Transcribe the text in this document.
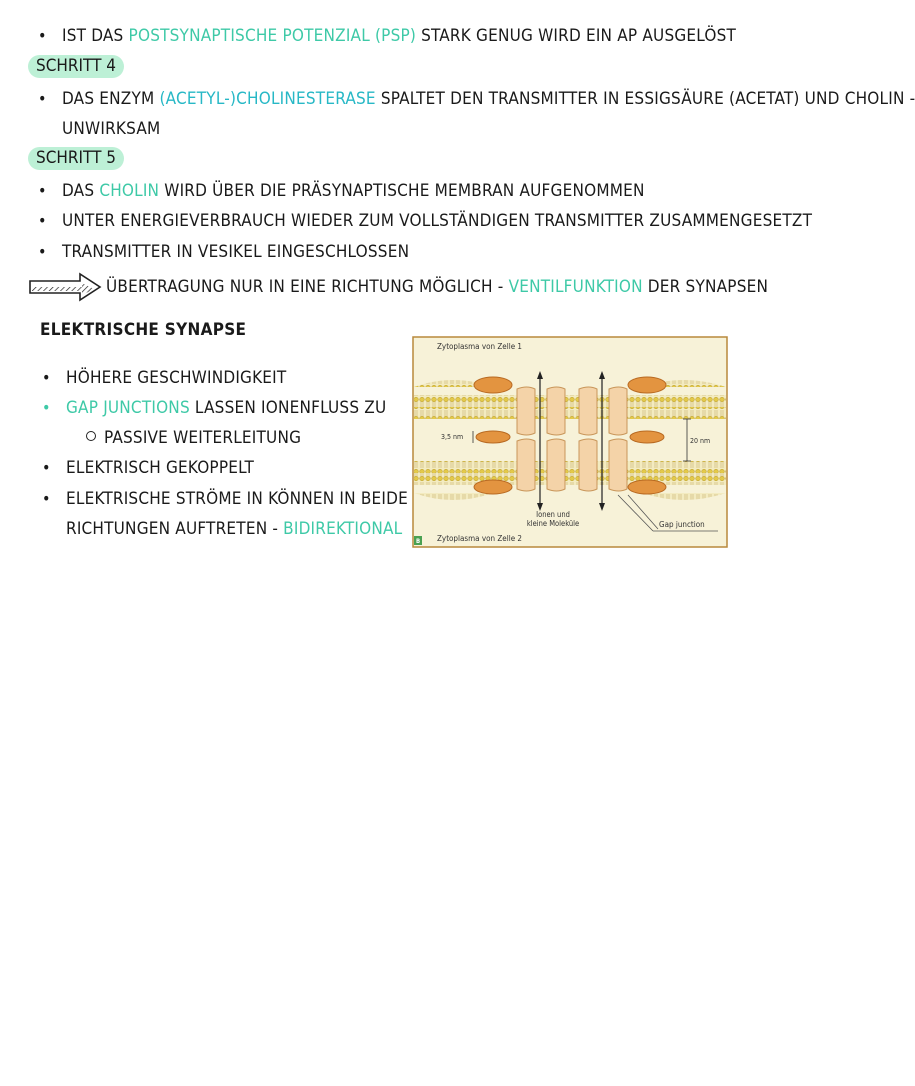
• IST DAS POSTSYNAPTISCHE POTENZIAL (PSP) STARK GENUG WIRD EIN AP AUSGELÖST
SCHRITT 4
• DAS ENZYM (ACETYL-)CHOLINESTERASE SPALTET DEN TRANSMITTER IN ESSIGSÄURE (ACETAT) UND CHOLIN -
UNWIRKSAM
SCHRITT 5
• DAS CHOLIN WIRD ÜBER DIE PRÄSYNAPTISCHE MEMBRAN AUFGENOMMEN
• UNTER ENERGIEVERBRAUCH WIEDER ZUM VOLLSTÄNDIGEN TRANSMITTER ZUSAMMENGESETZT
• TRANSMITTER IN VESIKEL EINGESCHLOSSEN
ÜBERTRAGUNG NUR IN EINE RICHTUNG MÖGLICH - VENTILFUNKTION DER SYNAPSEN
ELEKTRISCHE SYNAPSE
• HÖHERE GESCHWINDIGKEIT
• GAP JUNCTIONS LASSEN IONENFLUSS ZU
PASSIVE WEITERLEITUNG
• ELEKTRISCH GEKOPPELT
• ELEKTRISCHE STRÖME IN KÖNNEN IN BEIDE
RICHTUNGEN AUFTRETEN - BIDIREKTIONAL
Zytoplasma von Zelle 1
Zytoplasma von Zelle 2
3,5 nm	20 nm
Ionen und
kleine Moleküle	Gap junction
B
